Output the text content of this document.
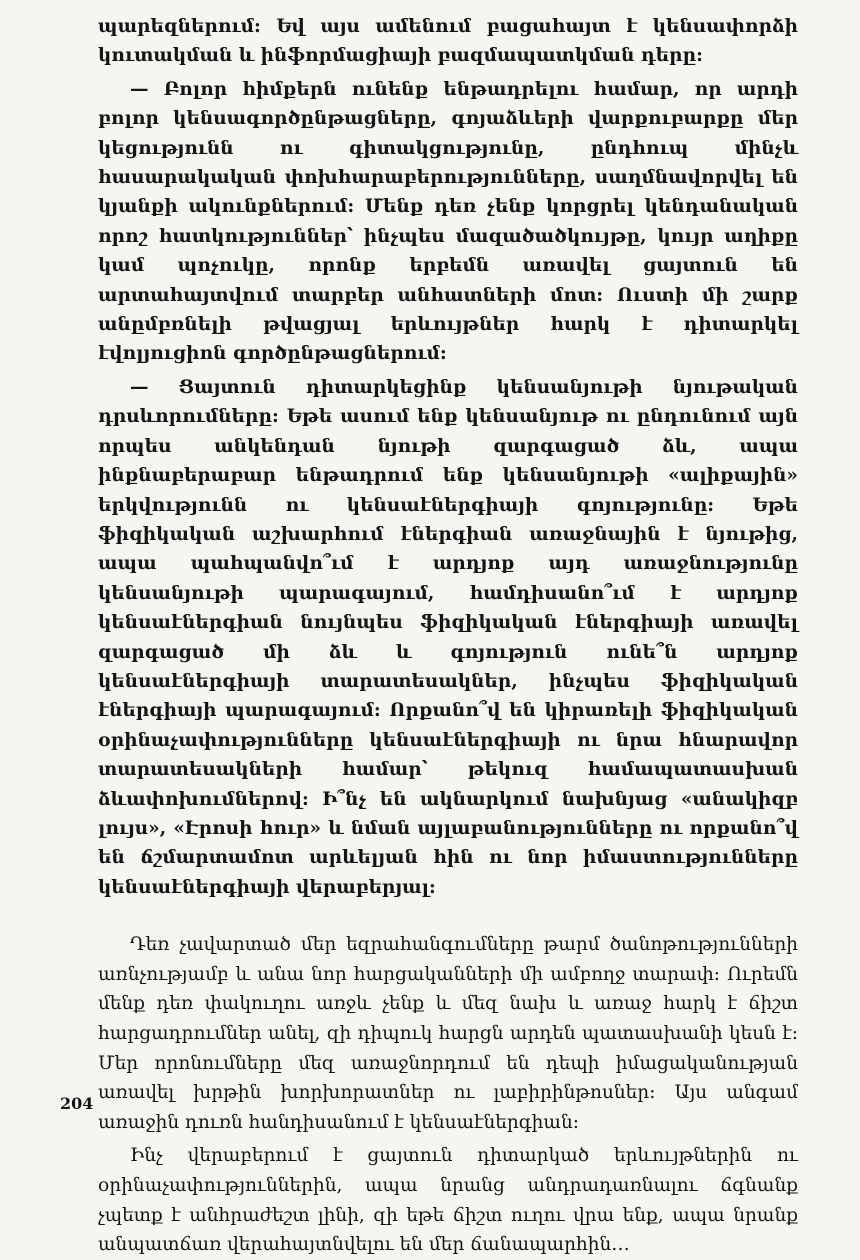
պարեզներում: Եվ այս ամենում բացահայտ է կենսափորձի կուտակման և ինֆորմացիայի բազմապատկման դերը:

— Բոլոր հիմքերն ունենք ենթադրելու համար, որ արդի բոլոր կենսագործընթացները, գոյաձևերի վարքուբարքը մեր կեցությունն ու գիտակցությունը, ընդհուպ մինչև հասարակական փոխհարաբերությունները, սաղմնավորվել են կյանքի ակունքներում: Մենք դեռ չենք կորցրել կենդանական որոշ հատկություններ՝ ինչպես մազածածկույթը, կույր աղիքը կամ պոչուկը, որոնք երբեմն առավել ցայտուն են արտահայտվում տարբեր անհատների մոտ: Ուստի մի շարք անըմբռնելի թվացյալ երևույթներ հարկ է դիտարկել էվոլյուցիոն գործընթացներում:

— Ցայտուն դիտարկեցինք կենսանյութի նյութական դրսևորումները: Եթե ասում ենք կենսանյութ ու ընդունում այն որպես անկենդան նյութի զարգացած ձև, ապա ինքնաբերաբար ենթադրում ենք կենսանյութի «ալիքային» երկվությունն ու կենսաէներգիայի գոյությունը: Եթե ֆիզիկական աշխարհում էներգիան առաջնային է նյութից, ապա պահպանվո՞ւմ է արդյոք այդ առաջնությունը կենսանյութի պարագայում, համդիսանո՞ւմ է արդյոք կենսաէներգիան նույնպես ֆիզիկական էներգիայի առավել զարգացած մի ձև և գոյություն ունե՞ն արդյոք կենսաէներգիայի տարատեսակներ, ինչպես ֆիզիկական էներգիայի պարագայում: Որքանո՞վ են կիրառելի ֆիզիկական օրինաչափությունները կենսաէներգիայի ու նրա հնարավոր տարատեսակների համար՝ թեկուզ համապատասխան ձևափոխումներով: Ի՞նչ են ակնարկում նախնյաց «անակիզբ լույս», «Էրոսի հուր» և նման այլաբանությունները ու որքանո՞վ են ճշմարտամոտ արևելյան հին ու նոր իմաստությունները կենսաէներգիայի վերաբերյալ:

Դեռ չավարտած մեր եզրահանգումները թարմ ծանոթությունների առնչությամբ և անա նոր հարցականների մի ամբողջ տարափ: Ուրեմն մենք դեռ փակուղու առջև չենք և մեզ նախ և առաջ հարկ է ճիշտ հարցադրումներ անել, զի դիպուկ հարցն արդեն պատասխանի կեսն է: Մեր որոնումները մեզ առաջնորդում են դեպի իմացականության առավել խրթին խորխորատներ ու լաբիրինթոսներ: Այս անգամ առաջին դուռն հանդիսանում է կենսաէներգիան:

Ինչ վերաբերում է ցայտուն դիտարկած երևույթներին ու օրինաչափություններին, ապա նրանց անդրադառնալու ճգնանք չպետք է անհրաժեշտ լինի, զի եթե ճիշտ ուղու վրա ենք, ապա նրանք անպատճառ վերահայտնվելու են մեր ճանապարհին…

204
